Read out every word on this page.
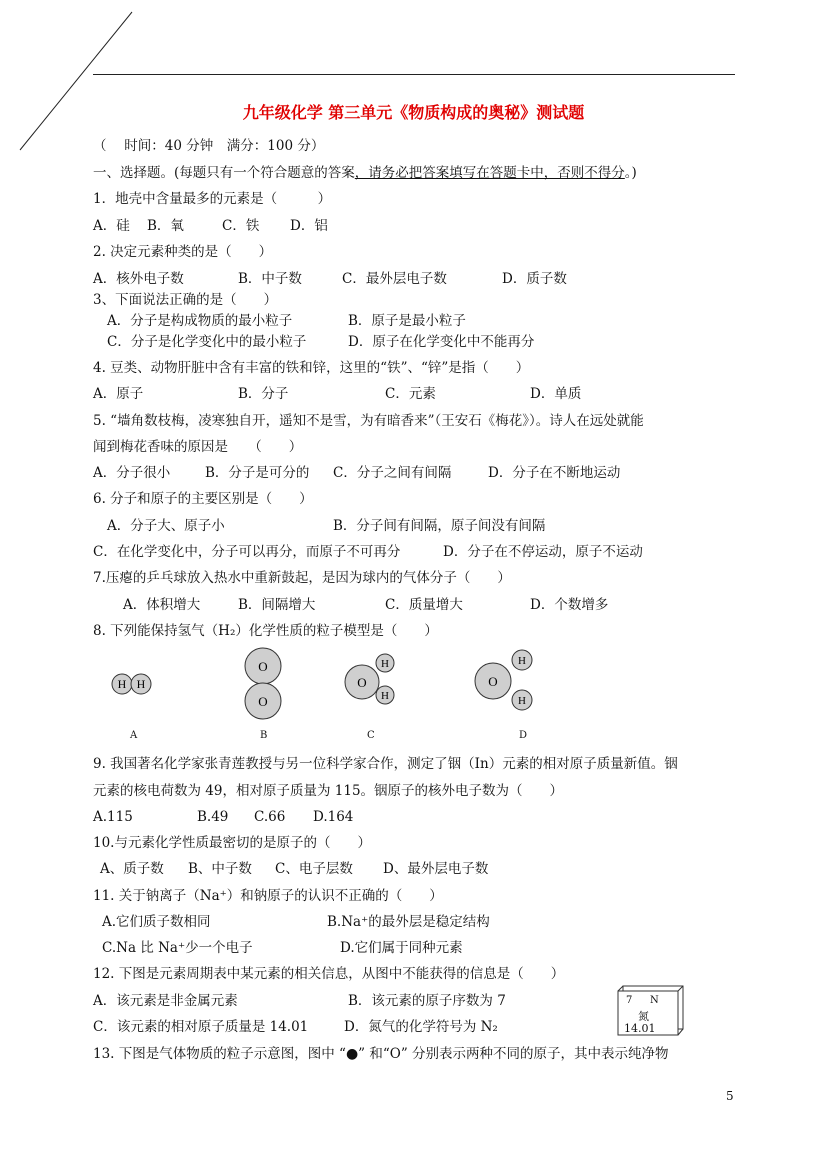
九年级化学 第三单元《物质构成的奥秘》测试题
（　 时间：40 分钟　满分：100 分）
一、选择题。(每题只有一个符合题意的答案，请务必把答案填写在答题卡中，否则不得分。)
1．地壳中含量最多的元素是（　　　）
A．硅 B．氧	C．铁 D．铝
2. 决定元素种类的是（　　）
A．核外电子数	B．中子数	C．最外层电子数	D．质子数
3、下面说法正确的是（　　）
A．分子是构成物质的最小粒子	B．原子是最小粒子
C．分子是化学变化中的最小粒子	D．原子在化学变化中不能再分
4. 豆类、动物肝脏中含有丰富的铁和锌，这里的“铁”、“锌”是指（　　）
A．原子	B．分子	C．元素	D．单质
5. “墙角数枝梅，凌寒独自开，遥知不是雪，为有暗香来”（王安石《梅花》）。诗人在远处就能
闻到梅花香味的原因是　　（　　）
A．分子很小	B．分子是可分的 C．分子之间有间隔	D．分子在不断地运动
6. 分子和原子的主要区别是（　　）
A．分子大、原子小	B．分子间有间隔，原子间没有间隔
C．在化学变化中，分子可以再分，而原子不可再分	D．分子在不停运动，原子不运动
7.压瘪的乒乓球放入热水中重新鼓起，是因为球内的气体分子（　　）
A．体积增大	B．间隔增大	C．质量增大	D．个数增多
8. 下列能保持氢气（H₂）化学性质的粒子模型是（　　）
H H
O
O
O
H
H
O
H
H
A	B	C	D
9. 我国著名化学家张青莲教授与另一位科学家合作，测定了铟（In）元素的相对原子质量新值。铟
元素的核电荷数为 49，相对原子质量为 115。铟原子的核外电子数为（　　）
A.115	B.49 C.66 D.164
10.与元素化学性质最密切的是原子的（　　）
A、质子数 B、中子数 C、电子层数 D、最外层电子数
11. 关于钠离子（Na⁺）和钠原子的认识不正确的（　　）
A.它们质子数相同	B.Na⁺的最外层是稳定结构
C.Na 比 Na⁺少一个电子	D.它们属于同种元素
12. 下图是元素周期表中某元素的相关信息，从图中不能获得的信息是（　　）
A．该元素是非金属元素	B．该元素的原子序数为 7
C．该元素的相对原子质量是 14.01	D．氮气的化学符号为 N₂
7 N
氮
14.01
13. 下图是气体物质的粒子示意图，图中 “●” 和“O” 分别表示两种不同的原子，其中表示纯净物
5
